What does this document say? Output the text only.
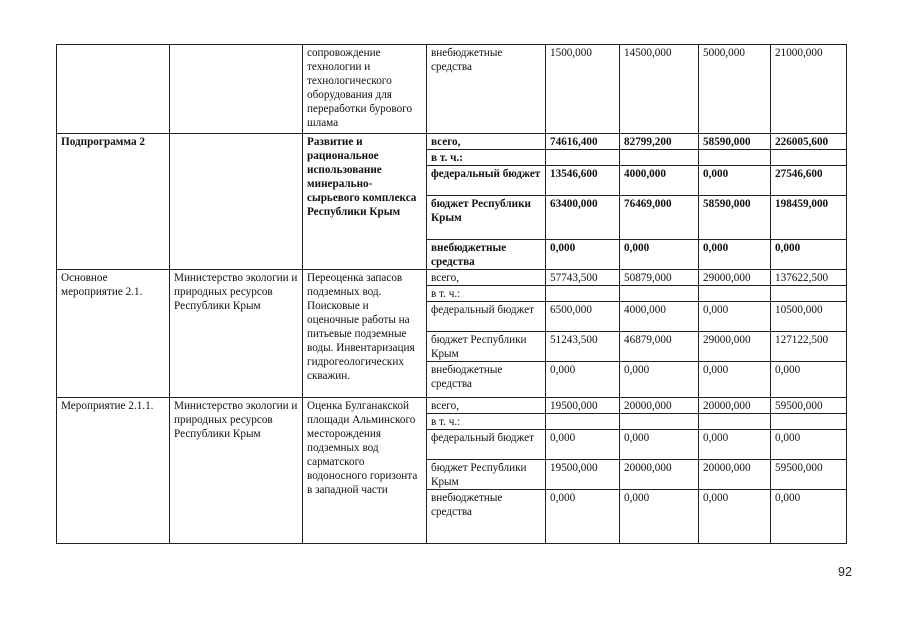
		сопровождение технологии и технологического оборудования для переработки бурового шлама	внебюджетные средства	1500,000	14500,000	5000,000	21000,000
Подпрограмма 2		Развитие и рациональное использование минерально-сырьевого комплекса Республики Крым	всего,	74616,400	82799,200	58590,000	226005,600
			в т. ч.:				
			федеральный бюджет	13546,600	4000,000	0,000	27546,600
			бюджет Республики Крым	63400,000	76469,000	58590,000	198459,000
			внебюджетные средства	0,000	0,000	0,000	0,000
Основное мероприятие 2.1.	Министерство экологии и природных ресурсов Республики Крым	Переоценка запасов подземных вод. Поисковые и оценочные работы на питьевые подземные воды. Инвентаризация гидрогеологических скважин.	всего,	57743,500	50879,000	29000,000	137622,500
			в т. ч.:				
			федеральный бюджет	6500,000	4000,000	0,000	10500,000
			бюджет Республики Крым	51243,500	46879,000	29000,000	127122,500
			внебюджетные средства	0,000	0,000	0,000	0,000
Мероприятие 2.1.1.	Министерство экологии и природных ресурсов Республики Крым	Оценка Булганакской площади Альминского месторождения подземных вод сарматского водоносного горизонта в западной части	всего,	19500,000	20000,000	20000,000	59500,000
			в т. ч.:				
			федеральный бюджет	0,000	0,000	0,000	0,000
			бюджет Республики Крым	19500,000	20000,000	20000,000	59500,000
			внебюджетные средства	0,000	0,000	0,000	0,000
92
